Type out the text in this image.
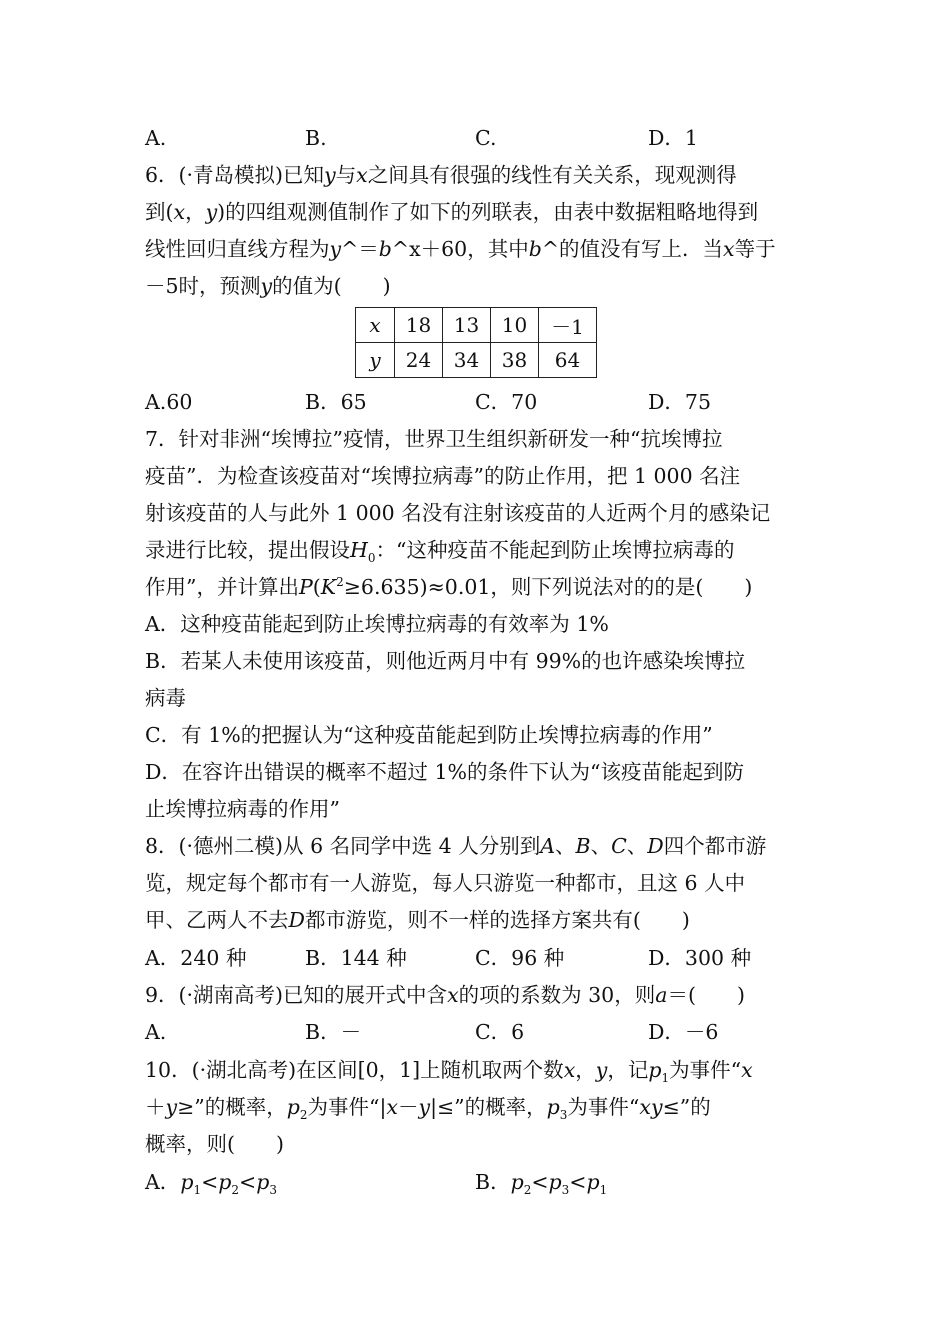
A.	B.	C.	D．1
6．(·青岛模拟)已知y与x之间具有很强的线性有关关系，现观测得
到(x，y)的四组观测值制作了如下的列联表，由表中数据粗略地得到
线性回归直线方程为y^＝b^x＋60，其中b^的值没有写上．当x等于
－5时，预测y的值为(　　)
x	18	13	10	－1
y	24	34	38	64
A.60	B．65	C．70	D．75
7．针对非洲“埃博拉”疫情，世界卫生组织新研发一种“抗埃博拉
疫苗”．为检查该疫苗对“埃博拉病毒”的防止作用，把 1 000 名注
射该疫苗的人与此外 1 000 名没有注射该疫苗的人近两个月的感染记
录进行比较，提出假设$H_0$：“这种疫苗不能起到防止埃博拉病毒的
作用”，并计算出$P(K^2\ge 6.635)\approx 0.01$，则下列说法对的的是(　　)
A．这种疫苗能起到防止埃博拉病毒的有效率为 1%
B．若某人未使用该疫苗，则他近两月中有 99%的也许感染埃博拉
病毒
C．有 1%的把握认为“这种疫苗能起到防止埃博拉病毒的作用”
D．在容许出错误的概率不超过 1%的条件下认为“该疫苗能起到防
止埃博拉病毒的作用”
8．(·德州二模)从 6 名同学中选 4 人分别到A、B、C、D四个都市游
览，规定每个都市有一人游览，每人只游览一种都市，且这 6 人中
甲、乙两人不去D都市游览，则不一样的选择方案共有(　　)
A．240 种	B．144 种	C．96 种	D．300 种
9．(·湖南高考)已知的展开式中含x的项的系数为 30，则a＝(　　)
A.	B．－	C．6	D．－6
10．(·湖北高考)在区间[0，1]上随机取两个数x，y，记$p_1$为事件“x
＋y≥”的概率，$p_2$为事件“|x－y|≤”的概率，$p_3$为事件“xy≤”的
概率，则(　　)
A．$p_1<p_2<p_3$	B．$p_2<p_3<p_1$
